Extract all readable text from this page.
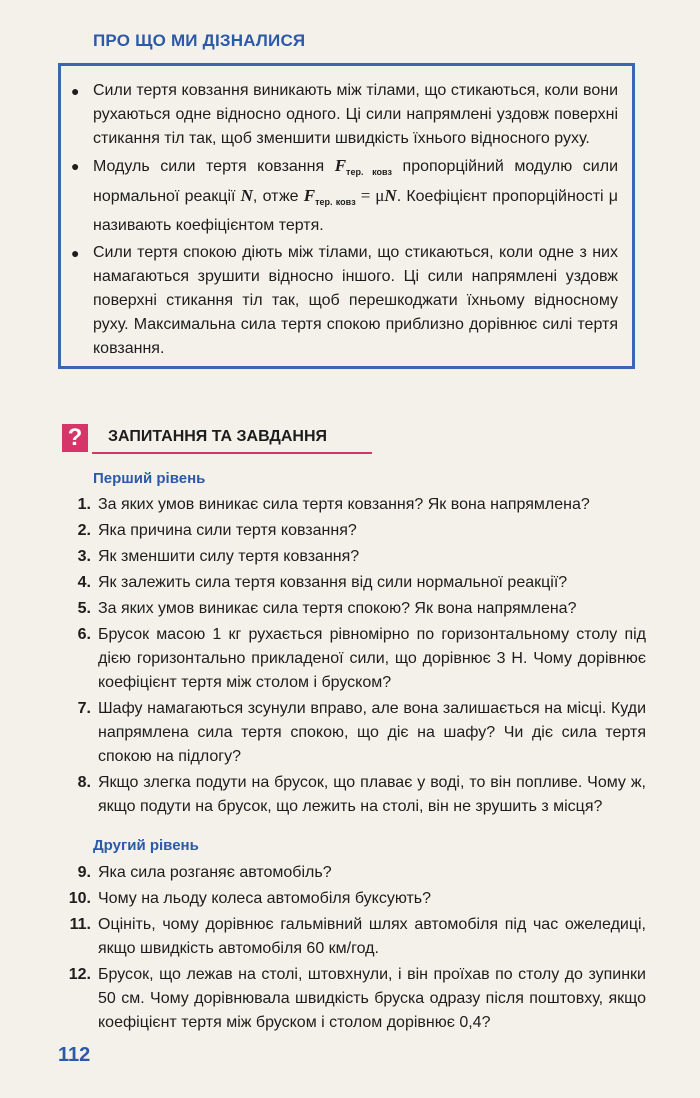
ПРО ЩО МИ ДІЗНАЛИСЯ
● Сили тертя ковзання виникають між тілами, що стикаються, коли вони рухаються одне відносно одного. Ці сили напрямлені уздовж поверхні стикання тіл так, щоб зменшити швидкість їхнього відносного руху.
● Модуль сили тертя ковзання $F_{тер. ковз}$ пропорційний модулю сили нормальної реакції N, отже $F_{тер. ковз} = \mu N$. Коефіцієнт пропорційності μ називають коефіцієнтом тертя.
● Сили тертя спокою діють між тілами, що стикаються, коли одне з них намагаються зрушити відносно іншого. Ці сили напрямлені уздовж поверхні стикання тіл так, щоб перешкоджати їхньому відносному руху. Максимальна сила тертя спокою приблизно дорівнює силі тертя ковзання.
?	ЗАПИТАННЯ ТА ЗАВДАННЯ
Перший рівень
1. За яких умов виникає сила тертя ковзання? Як вона напрямлена?
2. Яка причина сили тертя ковзання?
3. Як зменшити силу тертя ковзання?
4. Як залежить сила тертя ковзання від сили нормальної реакції?
5. За яких умов виникає сила тертя спокою? Як вона напрямлена?
6. Брусок масою 1 кг рухається рівномірно по горизонтальному столу під дією горизонтально прикладеної сили, що дорівнює 3 Н. Чому дорівнює коефіцієнт тертя між столом і бруском?
7. Шафу намагаються зсунули вправо, але вона залишається на місці. Куди напрямлена сила тертя спокою, що діє на шафу? Чи діє сила тертя спокою на підлогу?
8. Якщо злегка подути на брусок, що плаває у воді, то він попливе. Чому ж, якщо подути на брусок, що лежить на столі, він не зрушить з місця?
Другий рівень
9. Яка сила розганяє автомобіль?
10. Чому на льоду колеса автомобіля буксують?
11. Оцініть, чому дорівнює гальмівний шлях автомобіля під час ожеледиці, якщо швидкість автомобіля 60 км/год.
12. Брусок, що лежав на столі, штовхнули, і він проїхав по столу до зупинки 50 см. Чому дорівнювала швидкість бруска одразу після поштовху, якщо коефіцієнт тертя між бруском і столом дорівнює 0,4?
112
